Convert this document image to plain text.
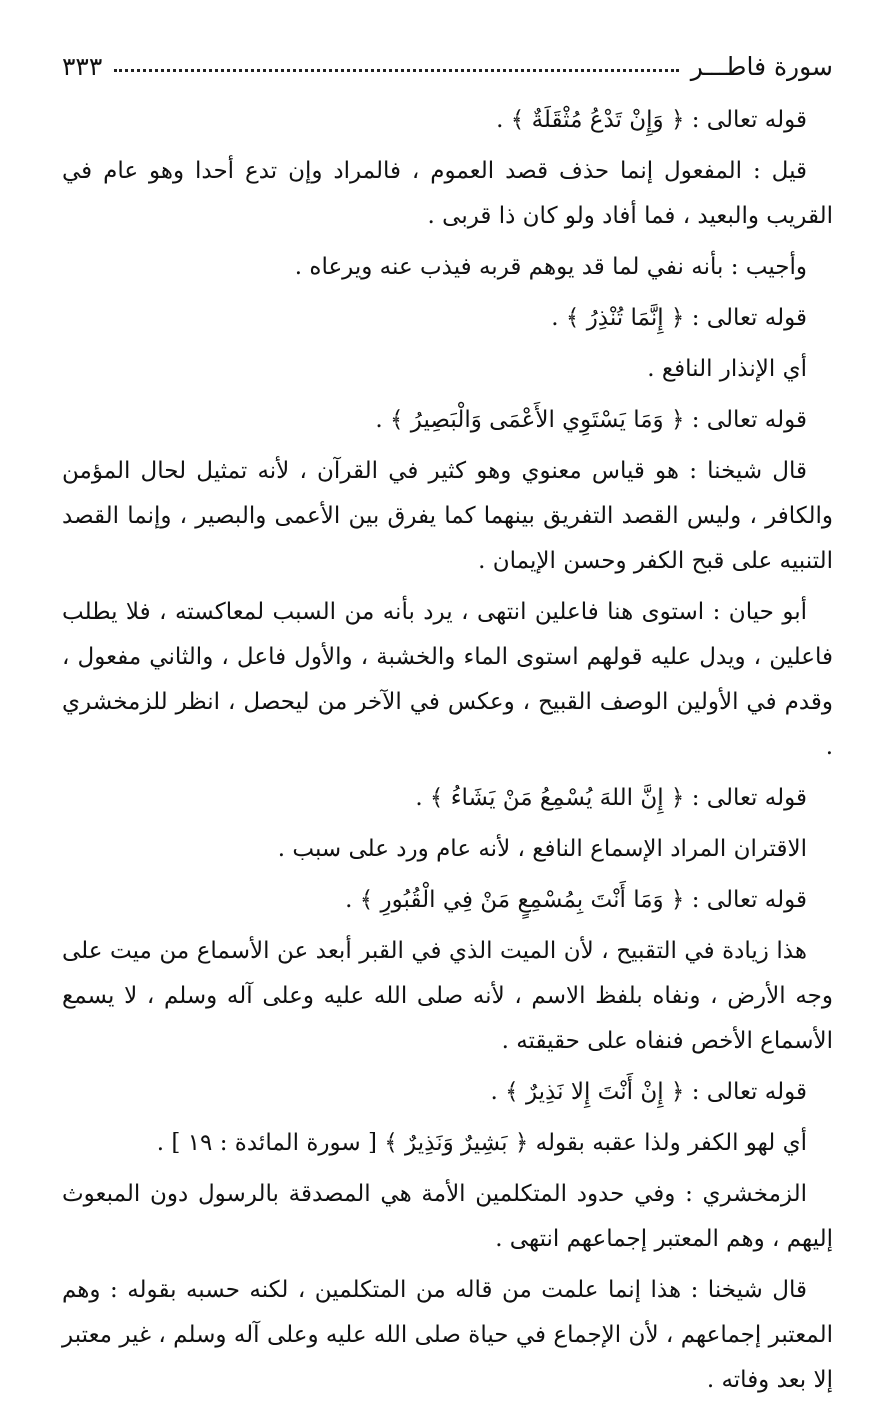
سورة فاطـــر
٣٣٣

قوله تعالى : ﴿ وَإِنْ تَدْعُ مُثْقَلَةٌ ﴾ .

قيل : المفعول إنما حذف قصد العموم ، فالمراد وإن تدع أحدا وهو عام في القريب والبعيد ، فما أفاد ولو كان ذا قربى .

وأجيب : بأنه نفي لما قد يوهم قربه فيذب عنه ويرعاه .

قوله تعالى : ﴿ إِنَّمَا تُنْذِرُ ﴾ .

أي الإنذار النافع .

قوله تعالى : ﴿ وَمَا يَسْتَوِي الأَعْمَى وَالْبَصِيرُ ﴾ .

قال شيخنا : هو قياس معنوي وهو كثير في القرآن ، لأنه تمثيل لحال المؤمن والكافر ، وليس القصد التفريق بينهما كما يفرق بين الأعمى والبصير ، وإنما القصد التنبيه على قبح الكفر وحسن الإيمان .

أبو حيان : استوى هنا فاعلين انتهى ، يرد بأنه من السبب لمعاكسته ، فلا يطلب فاعلين ، ويدل عليه قولهم استوى الماء والخشبة ، والأول فاعل ، والثاني مفعول ، وقدم في الأولين الوصف القبيح ، وعكس في الآخر من ليحصل ، انظر للزمخشري .

قوله تعالى : ﴿ إِنَّ اللهَ يُسْمِعُ مَنْ يَشَاءُ ﴾ .

الاقتران المراد الإسماع النافع ، لأنه عام ورد على سبب .

قوله تعالى : ﴿ وَمَا أَنْتَ بِمُسْمِعٍ مَنْ فِي الْقُبُورِ ﴾ .

هذا زيادة في التقبيح ، لأن الميت الذي في القبر أبعد عن الأسماع من ميت على وجه الأرض ، ونفاه بلفظ الاسم ، لأنه صلى الله عليه وعلى آله وسلم ، لا يسمع الأسماع الأخص فنفاه على حقيقته .

قوله تعالى : ﴿ إِنْ أَنْتَ إِلا نَذِيرٌ ﴾ .

أي لهو الكفر ولذا عقبه بقوله ﴿ بَشِيرٌ وَنَذِيرٌ ﴾ [ سورة المائدة : ١٩ ] .

الزمخشري : وفي حدود المتكلمين الأمة هي المصدقة بالرسول دون المبعوث إليهم ، وهم المعتبر إجماعهم انتهى .

قال شيخنا : هذا إنما علمت من قاله من المتكلمين ، لكنه حسبه بقوله : وهم المعتبر إجماعهم ، لأن الإجماع في حياة صلى الله عليه وعلى آله وسلم ، غير معتبر إلا بعد وفاته .
